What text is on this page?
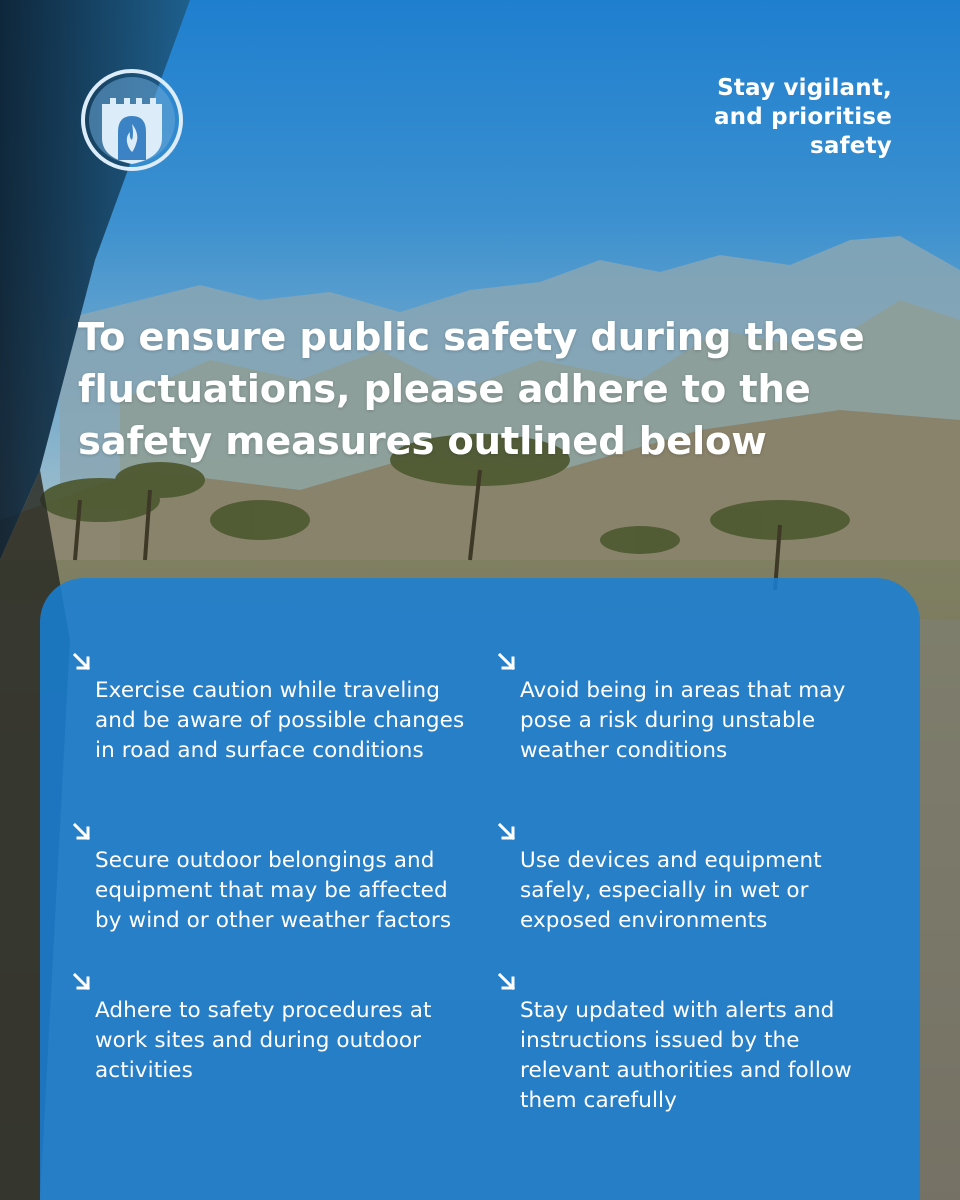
Stay vigilant,
and prioritise
safety
To ensure public safety during these fluctuations, please adhere to the safety measures outlined below
Exercise caution while traveling and be aware of possible changes in road and surface conditions
Secure outdoor belongings and equipment that may be affected by wind or other weather factors
Adhere to safety procedures at work sites and during outdoor activities
Avoid being in areas that may pose a risk during unstable weather conditions
Use devices and equipment safely, especially in wet or exposed environments
Stay updated with alerts and instructions issued by the relevant authorities and follow them carefully
